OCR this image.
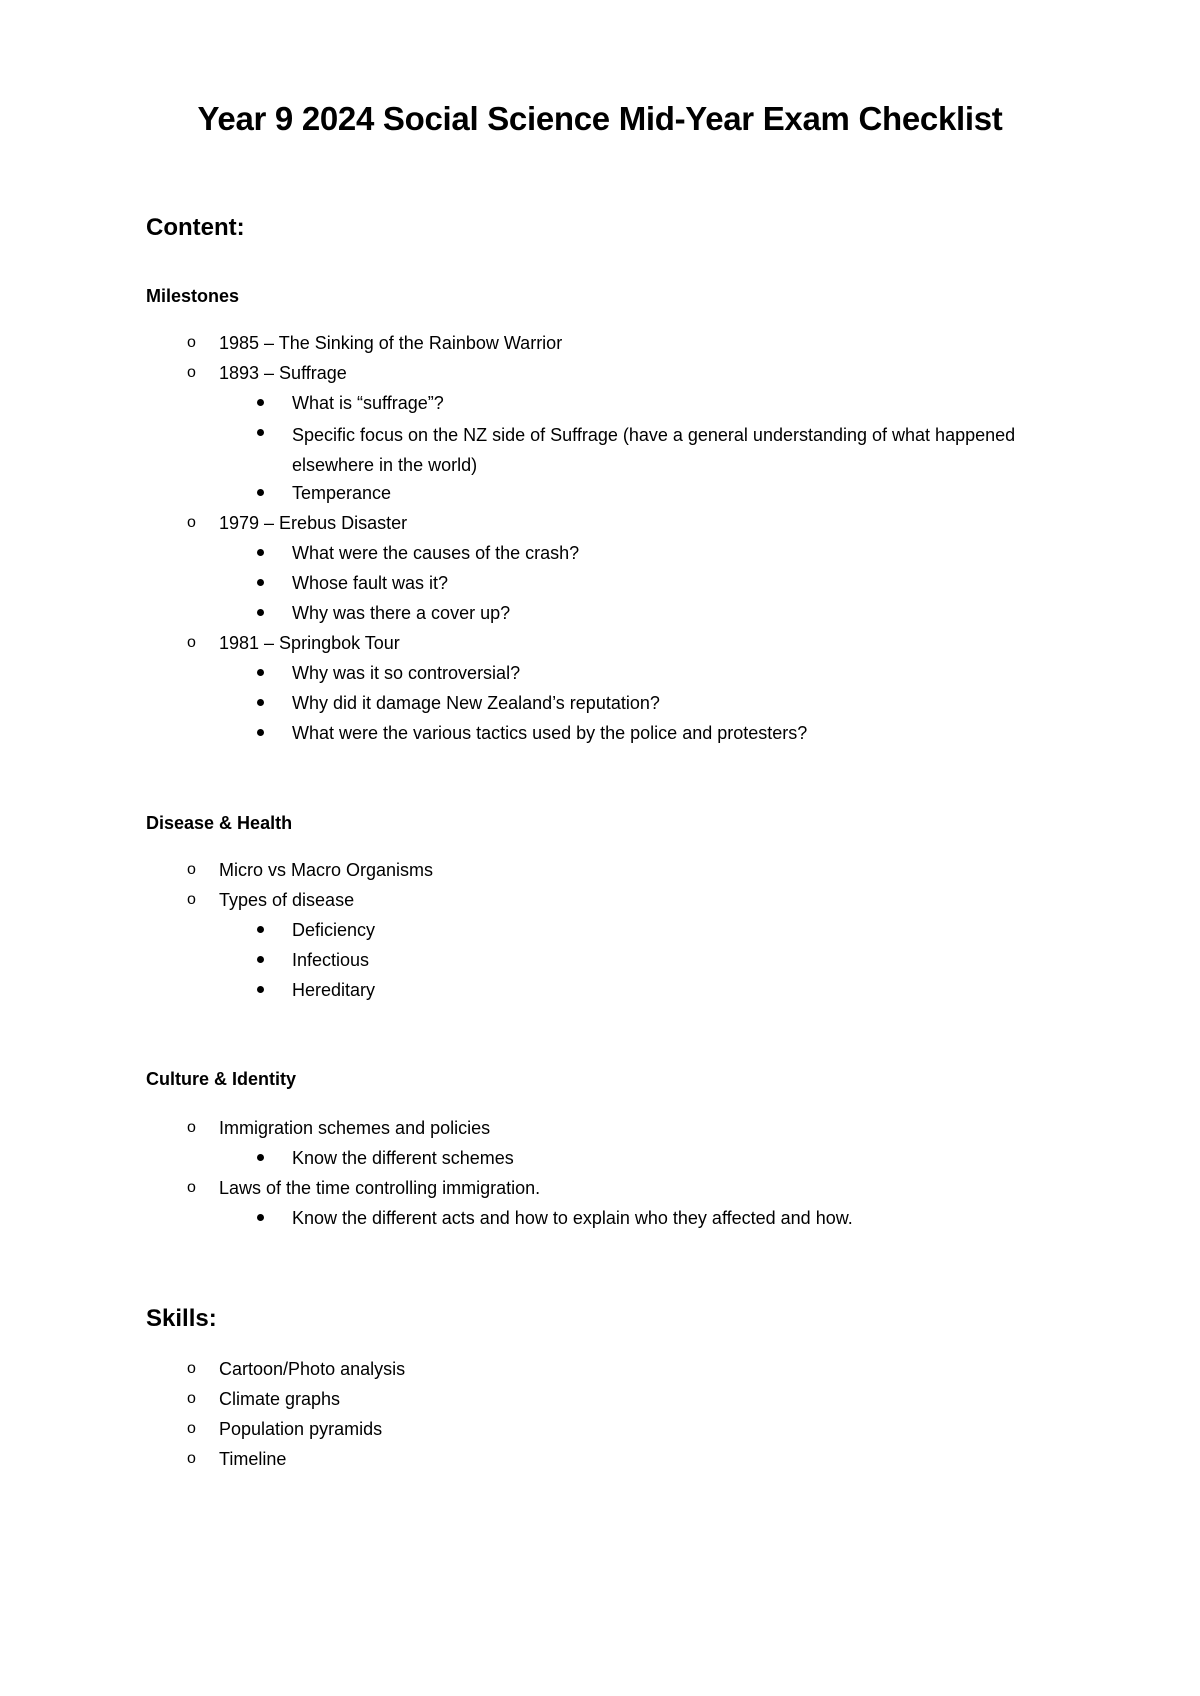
Year 9 2024 Social Science Mid-Year Exam Checklist
Content:
Milestones
o	1985 – The Sinking of the Rainbow Warrior
o	1893 – Suffrage
What is “suffrage”?
Specific focus on the NZ side of Suffrage (have a general understanding of what happened elsewhere in the world)
Temperance
o	1979 – Erebus Disaster
What were the causes of the crash?
Whose fault was it?
Why was there a cover up?
o	1981 – Springbok Tour
Why was it so controversial?
Why did it damage New Zealand’s reputation?
What were the various tactics used by the police and protesters?
Disease & Health
o	Micro vs Macro Organisms
o	Types of disease
Deficiency
Infectious
Hereditary
Culture & Identity
o	Immigration schemes and policies
Know the different schemes
o	Laws of the time controlling immigration.
Know the different acts and how to explain who they affected and how.
Skills:
o	Cartoon/Photo analysis
o	Climate graphs
o	Population pyramids
o	Timeline
